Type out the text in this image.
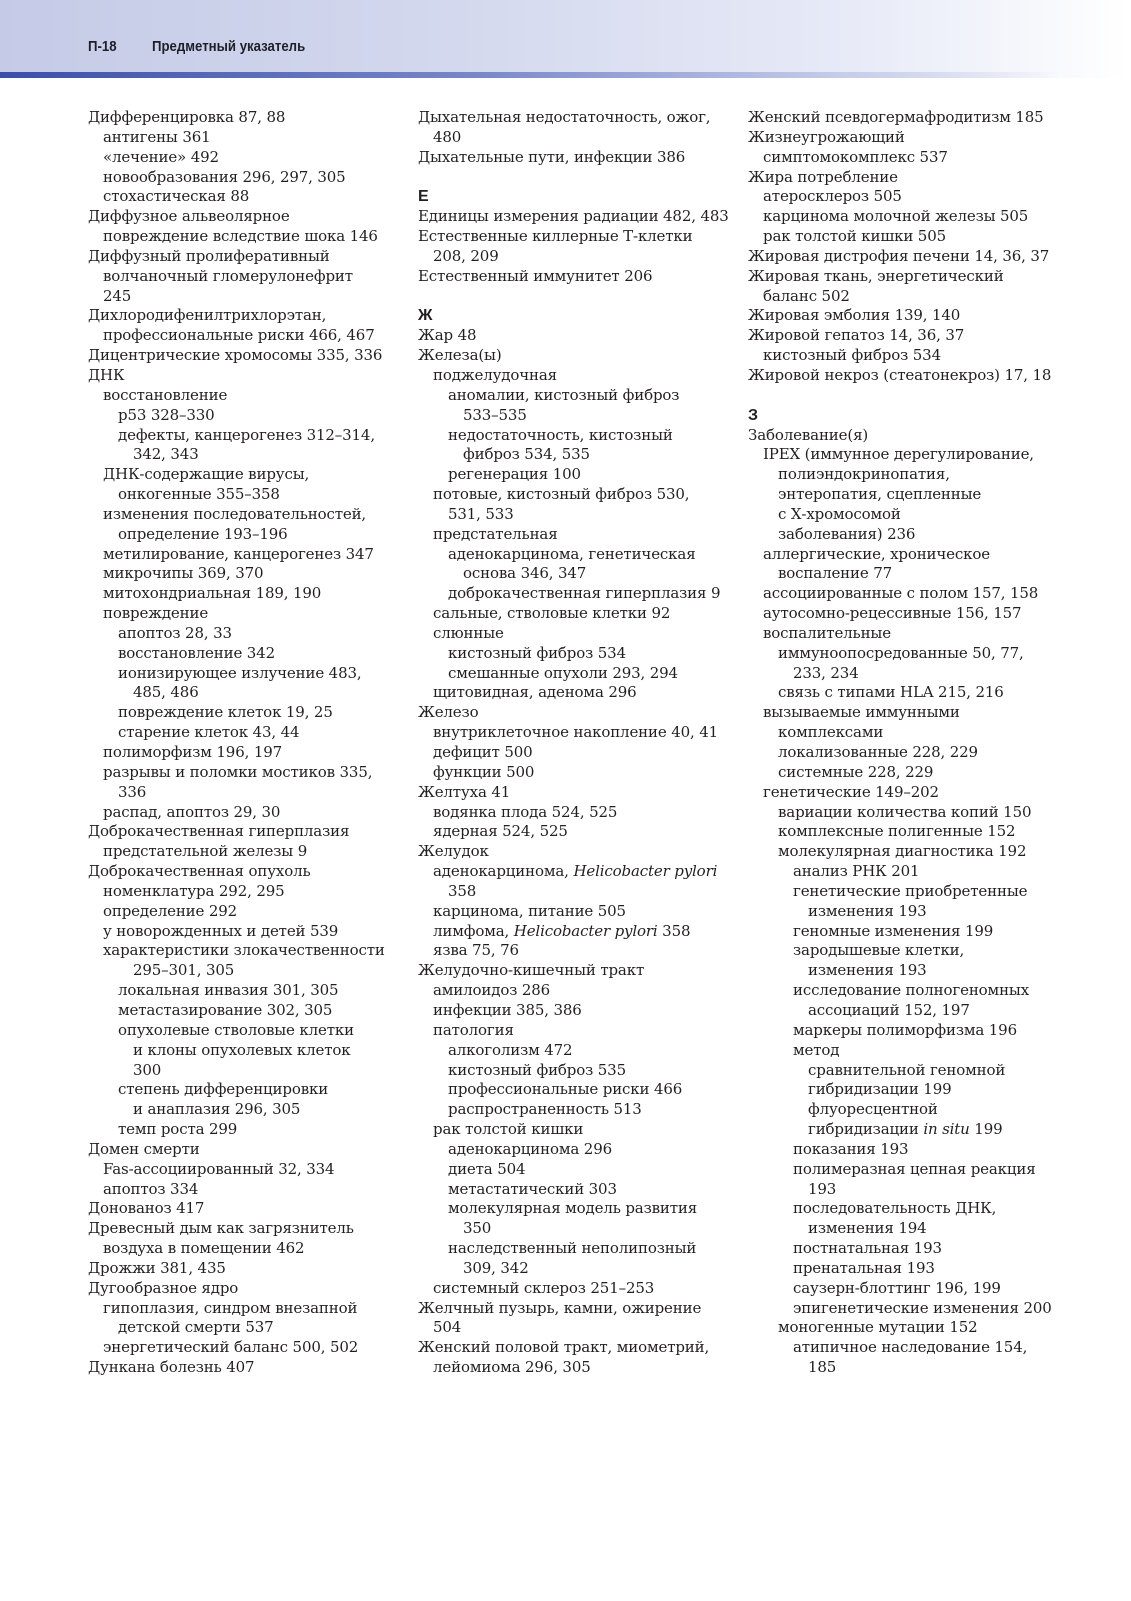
П-18 Предметный указатель
Дифференцировка 87, 88
антигены 361
«лечение» 492
новообразования 296, 297, 305
стохастическая 88
Диффузное альвеолярное
повреждение вследствие шока 146
Диффузный пролиферативный
волчаночный гломерулонефрит
245
Дихлородифенилтрихлорэтан,
профессиональные риски 466, 467
Дицентрические хромосомы 335, 336
ДНК
восстановление
p53 328–330
дефекты, канцерогенез 312–314,
342, 343
ДНК-содержащие вирусы,
онкогенные 355–358
изменения последовательностей,
определение 193–196
метилирование, канцерогенез 347
микрочипы 369, 370
митохондриальная 189, 190
повреждение
апоптоз 28, 33
восстановление 342
ионизирующее излучение 483,
485, 486
повреждение клеток 19, 25
старение клеток 43, 44
полиморфизм 196, 197
разрывы и поломки мостиков 335,
336
распад, апоптоз 29, 30
Доброкачественная гиперплазия
предстательной железы 9
Доброкачественная опухоль
номенклатура 292, 295
определение 292
у новорожденных и детей 539
характеристики злокачественности
295–301, 305
локальная инвазия 301, 305
метастазирование 302, 305
опухолевые стволовые клетки
и клоны опухолевых клеток
300
степень дифференцировки
и анаплазия 296, 305
темп роста 299
Домен смерти
Fas-ассоциированный 32, 334
апоптоз 334
Донованоз 417
Древесный дым как загрязнитель
воздуха в помещении 462
Дрожжи 381, 435
Дугообразное ядро
гипоплазия, синдром внезапной
детской смерти 537
энергетический баланс 500, 502
Дункана болезнь 407
Дыхательная недостаточность, ожог,
480
Дыхательные пути, инфекции 386
Е
Единицы измерения радиации 482, 483
Естественные киллерные Т-клетки
208, 209
Естественный иммунитет 206
Ж
Жар 48
Железа(ы)
поджелудочная
аномалии, кистозный фиброз
533–535
недостаточность, кистозный
фиброз 534, 535
регенерация 100
потовые, кистозный фиброз 530,
531, 533
предстательная
аденокарцинома, генетическая
основа 346, 347
доброкачественная гиперплазия 9
сальные, стволовые клетки 92
слюнные
кистозный фиброз 534
смешанные опухоли 293, 294
щитовидная, аденома 296
Железо
внутриклеточное накопление 40, 41
дефицит 500
функции 500
Желтуха 41
водянка плода 524, 525
ядерная 524, 525
Желудок
аденокарцинома, Helicobacter pylori
358
карцинома, питание 505
лимфома, Helicobacter pylori 358
язва 75, 76
Желудочно-кишечный тракт
амилоидоз 286
инфекции 385, 386
патология
алкоголизм 472
кистозный фиброз 535
профессиональные риски 466
распространенность 513
рак толстой кишки
аденокарцинома 296
диета 504
метастатический 303
молекулярная модель развития
350
наследственный неполипозный
309, 342
системный склероз 251–253
Желчный пузырь, камни, ожирение
504
Женский половой тракт, миометрий,
лейомиома 296, 305
Женский псевдогермафродитизм 185
Жизнеугрожающий
симптомокомплекс 537
Жира потребление
атеросклероз 505
карцинома молочной железы 505
рак толстой кишки 505
Жировая дистрофия печени 14, 36, 37
Жировая ткань, энергетический
баланс 502
Жировая эмболия 139, 140
Жировой гепатоз 14, 36, 37
кистозный фиброз 534
Жировой некроз (стеатонекроз) 17, 18
З
Заболевание(я)
IPEX (иммунное дерегулирование,
полиэндокринопатия,
энтеропатия, сцепленные
с Х-хромосомой
заболевания) 236
аллергические, хроническое
воспаление 77
ассоциированные с полом 157, 158
аутосомно-рецессивные 156, 157
воспалительные
иммуноопосредованные 50, 77,
233, 234
связь с типами HLA 215, 216
вызываемые иммунными
комплексами
локализованные 228, 229
системные 228, 229
генетические 149–202
вариации количества копий 150
комплексные полигенные 152
молекулярная диагностика 192
анализ РНК 201
генетические приобретенные
изменения 193
геномные изменения 199
зародышевые клетки,
изменения 193
исследование полногеномных
ассоциаций 152, 197
маркеры полиморфизма 196
метод
сравнительной геномной
гибридизации 199
флуоресцентной
гибридизации in situ 199
показания 193
полимеразная цепная реакция
193
последовательность ДНК,
изменения 194
постнатальная 193
пренатальная 193
саузерн-блоттинг 196, 199
эпигенетические изменения 200
моногенные мутации 152
атипичное наследование 154,
185
